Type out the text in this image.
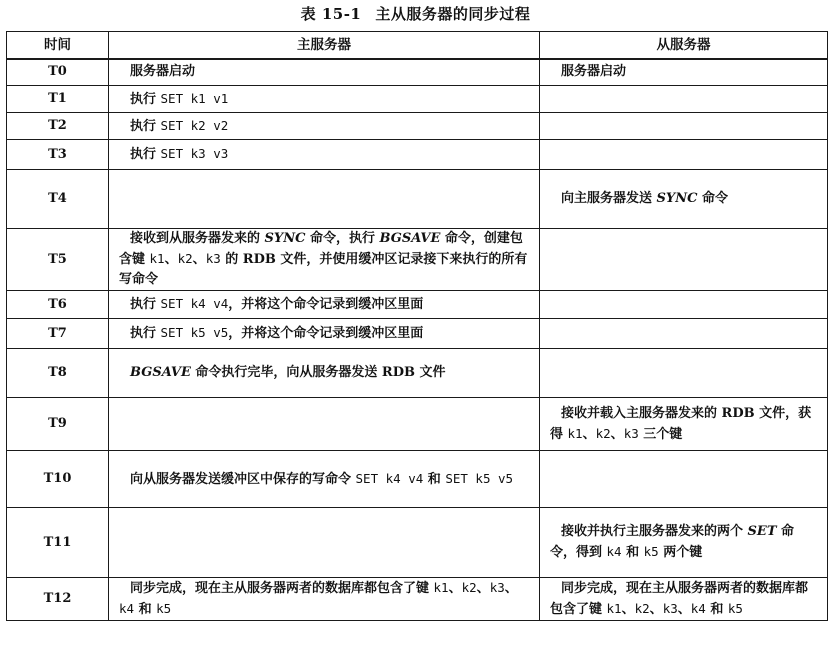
表 15-1 主从服务器的同步过程
时间	主服务器	从服务器
T0	服务器启动	服务器启动
T1	执行 SET k1 v1	
T2	执行 SET k2 v2	
T3	执行 SET k3 v3	
T4		向主服务器发送 SYNC 命令
T5	接收到从服务器发来的 SYNC 命令，执行 BGSAVE 命令，创建包含键 k1、k2、k3 的 RDB 文件，并使用缓冲区记录接下来执行的所有写命令	
T6	执行 SET k4 v4，并将这个命令记录到缓冲区里面	
T7	执行 SET k5 v5，并将这个命令记录到缓冲区里面	
T8	BGSAVE 命令执行完毕，向从服务器发送 RDB 文件	
T9		接收并载入主服务器发来的 RDB 文件，获得 k1、k2、k3 三个键
T10	向从服务器发送缓冲区中保存的写命令 SET k4 v4 和 SET k5 v5	
T11		接收并执行主服务器发来的两个 SET 命令，得到 k4 和 k5 两个键
T12	同步完成，现在主从服务器两者的数据库都包含了键 k1、k2、k3、k4 和 k5	同步完成，现在主从服务器两者的数据库都包含了键 k1、k2、k3、k4 和 k5
